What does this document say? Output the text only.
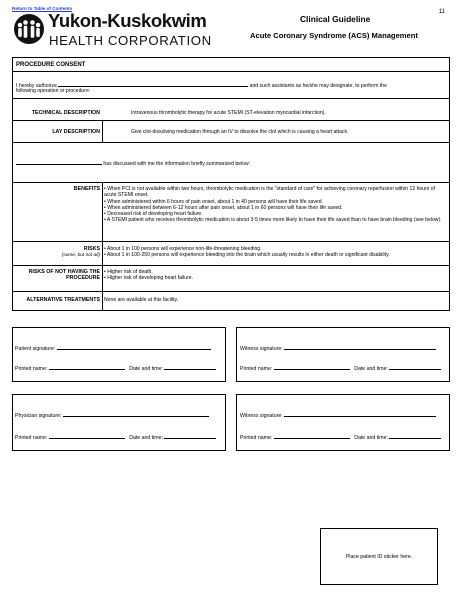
Return to Table of Contents
Yukon-Kuskokwim
HEALTH CORPORATION
11
Clinical Guideline
Acute Coronary Syndrome (ACS) Management
PROCEDURE CONSENT
I hereby authorize	and such assistants as he/she may designate, to perform the
following operation or procedure:
TECHNICAL DESCRIPTION	Intravenous thrombolytic therapy for acute STEMI (ST-elevation myocardial infarction).
LAY DESCRIPTION	Give clot-dissolving medication through an IV to dissolve the clot which is causing a heart attack.
has discussed with me the information briefly summarized below:
BENEFITS • When PCI is not available within two hours, thrombolytic medication is the "standard of care" for achieving coronary reperfusion within 12 hours of acute STEMI onset.
• When administered within 6 hours of pain onset, about 1 in 40 persons will have their life saved.
• When administered between 6-12 hours after pain onset, about 1 in 60 persons will have their life saved.
• Decreased risk of developing heart failure.
• A STEMI patient who receives thrombolytic medication is about 3-5 times more likely to have their life saved than to have brain bleeding (see below).
RISKS
(some, but not all)
• About 1 in 100 persons will experience non-life-threatening bleeding.
• About 1 in 100-250 persons will experience bleeding into the brain which usually results in either death or significant disability.
RISKS OF NOT HAVING THE
PROCEDURE
• Higher risk of death.
• Higher risk of developing heart failure.
ALTERNATIVE TREATMENTS None are available at this facility.
Patient signature:
Printed name:	Date and time:
Witness signature:
Printed name:	Date and time:
Physician signature:
Printed name:	Date and time:
Witness signature:
Printed name:	Date and time:
Place patient ID sticker here.
